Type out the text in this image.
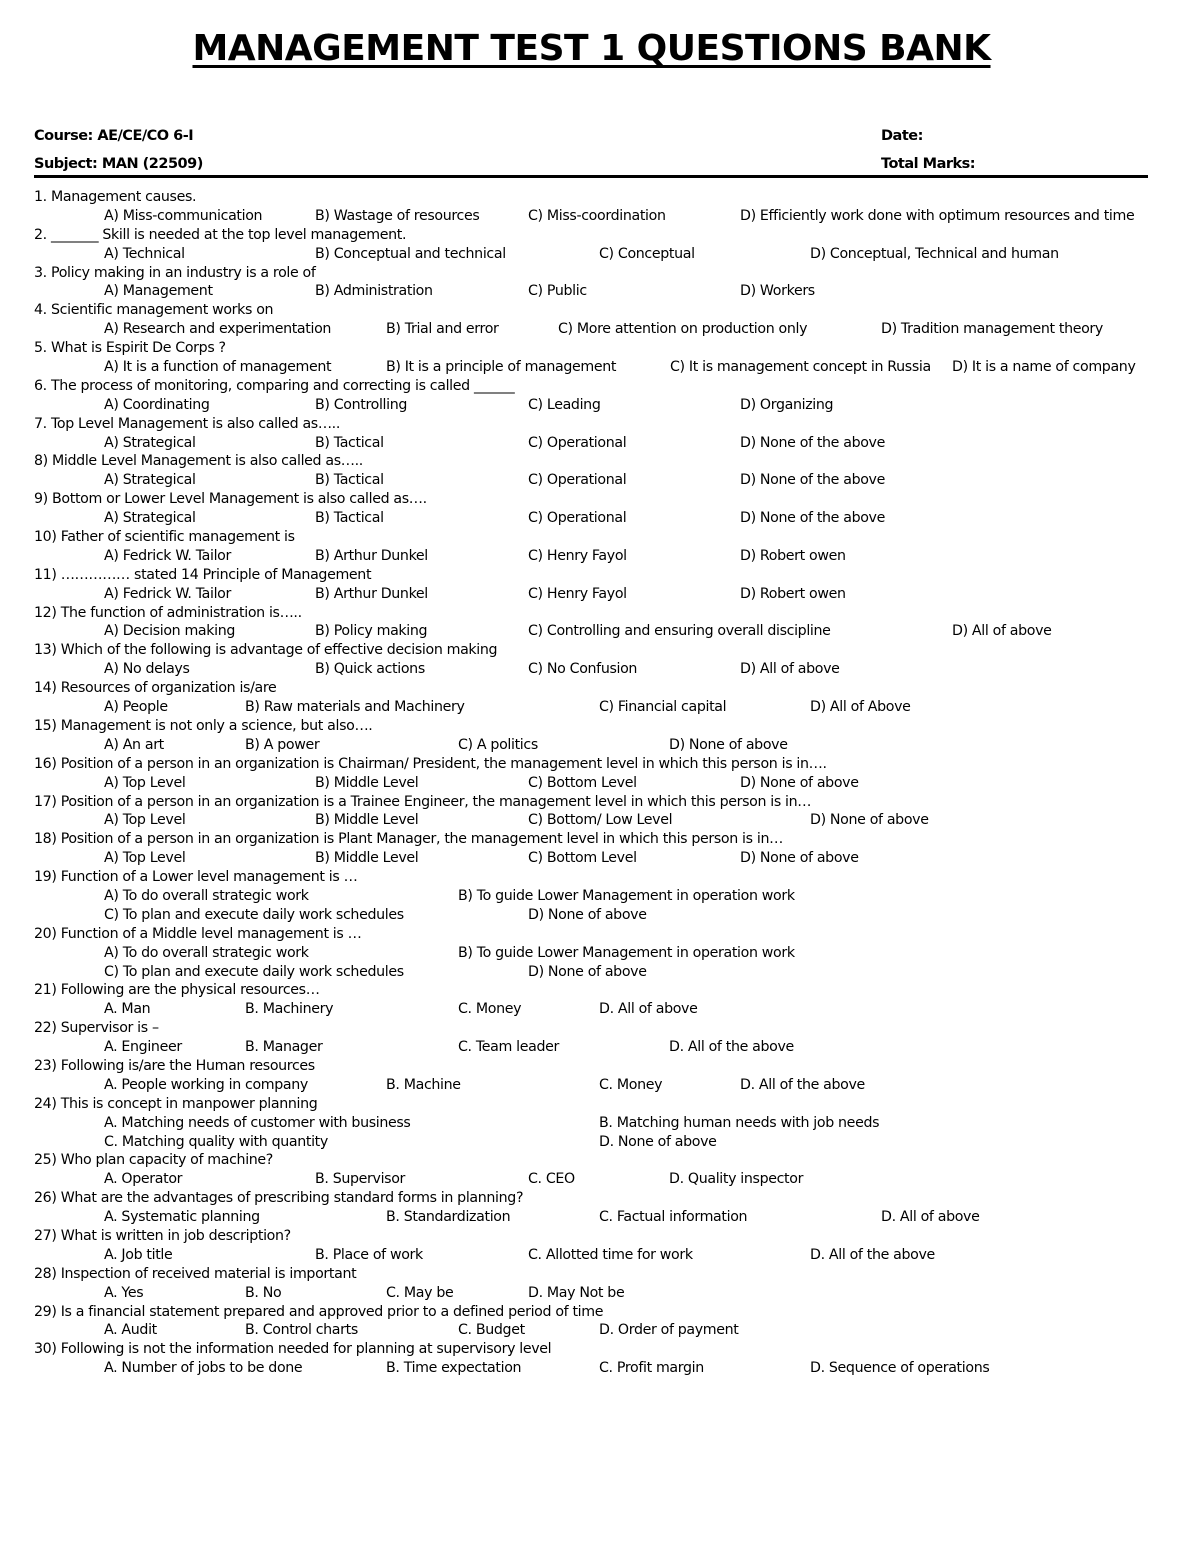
MANAGEMENT TEST 1 QUESTIONS BANK
Course: AE/CE/CO 6-I	Date:
Subject: MAN (22509)	Total Marks:
1. Management causes.
A) Miss-communication	B) Wastage of resources	C) Miss-coordination	D) Efficiently work done with optimum resources and time
2. _______ Skill is needed at the top level management.
A) Technical	B) Conceptual and technical	C) Conceptual	D) Conceptual, Technical and human
3. Policy making in an industry is a role of
A) Management	B) Administration	C) Public	D) Workers
4. Scientific management works on
A) Research and experimentation	B) Trial and error	C) More attention on production only	D) Tradition management theory
5. What is Espirit De Corps ?
A) It is a function of management	B) It is a principle of management	C) It is management concept in Russia D) It is a name of company
6. The process of monitoring, comparing and correcting is called ______
A) Coordinating	B) Controlling	C) Leading	D) Organizing
7. Top Level Management is also called as…..
A) Strategical	B) Tactical	C) Operational	D) None of the above
8) Middle Level Management is also called as…..
A) Strategical	B) Tactical	C) Operational	D) None of the above
9) Bottom or Lower Level Management is also called as….
A) Strategical	B) Tactical	C) Operational	D) None of the above
10) Father of scientific management is
A) Fedrick W. Tailor	B) Arthur Dunkel	C) Henry Fayol	D) Robert owen
11) …………… stated 14 Principle of Management
A) Fedrick W. Tailor	B) Arthur Dunkel	C) Henry Fayol	D) Robert owen
12) The function of administration is…..
A) Decision making	B) Policy making	C) Controlling and ensuring overall discipline	D) All of above
13) Which of the following is advantage of effective decision making
A) No delays	B) Quick actions	C) No Confusion	D) All of above
14) Resources of organization is/are
A) People	B) Raw materials and Machinery	C) Financial capital	D) All of Above
15) Management is not only a science, but also….
A) An art	B) A power	C) A politics	D) None of above
16) Position of a person in an organization is Chairman/ President, the management level in which this person is in….
A) Top Level	B) Middle Level	C) Bottom Level	D) None of above
17) Position of a person in an organization is a Trainee Engineer, the management level in which this person is in…
A) Top Level	B) Middle Level	C) Bottom/ Low Level	D) None of above
18) Position of a person in an organization is Plant Manager, the management level in which this person is in…
A) Top Level	B) Middle Level	C) Bottom Level	D) None of above
19) Function of a Lower level management is …
A) To do overall strategic work	B) To guide Lower Management in operation work
C) To plan and execute daily work schedules	D) None of above
20) Function of a Middle level management is …
A) To do overall strategic work	B) To guide Lower Management in operation work
C) To plan and execute daily work schedules	D) None of above
21) Following are the physical resources…
A. Man	B. Machinery	C. Money	D. All of above
22) Supervisor is –
A. Engineer	B. Manager	C. Team leader	D. All of the above
23) Following is/are the Human resources
A. People working in company	B. Machine	C. Money	D. All of the above
24) This is concept in manpower planning
A. Matching needs of customer with business	B. Matching human needs with job needs
C. Matching quality with quantity	D. None of above
25) Who plan capacity of machine?
A. Operator	B. Supervisor	C. CEO	D. Quality inspector
26) What are the advantages of prescribing standard forms in planning?
A. Systematic planning	B. Standardization	C. Factual information	D. All of above
27) What is written in job description?
A. Job title	B. Place of work	C. Allotted time for work	D. All of the above
28) Inspection of received material is important
A. Yes	B. No	C. May be	D. May Not be
29) Is a financial statement prepared and approved prior to a defined period of time
A. Audit	B. Control charts	C. Budget	D. Order of payment
30) Following is not the information needed for planning at supervisory level
A. Number of jobs to be done	B. Time expectation	C. Profit margin	D. Sequence of operations
